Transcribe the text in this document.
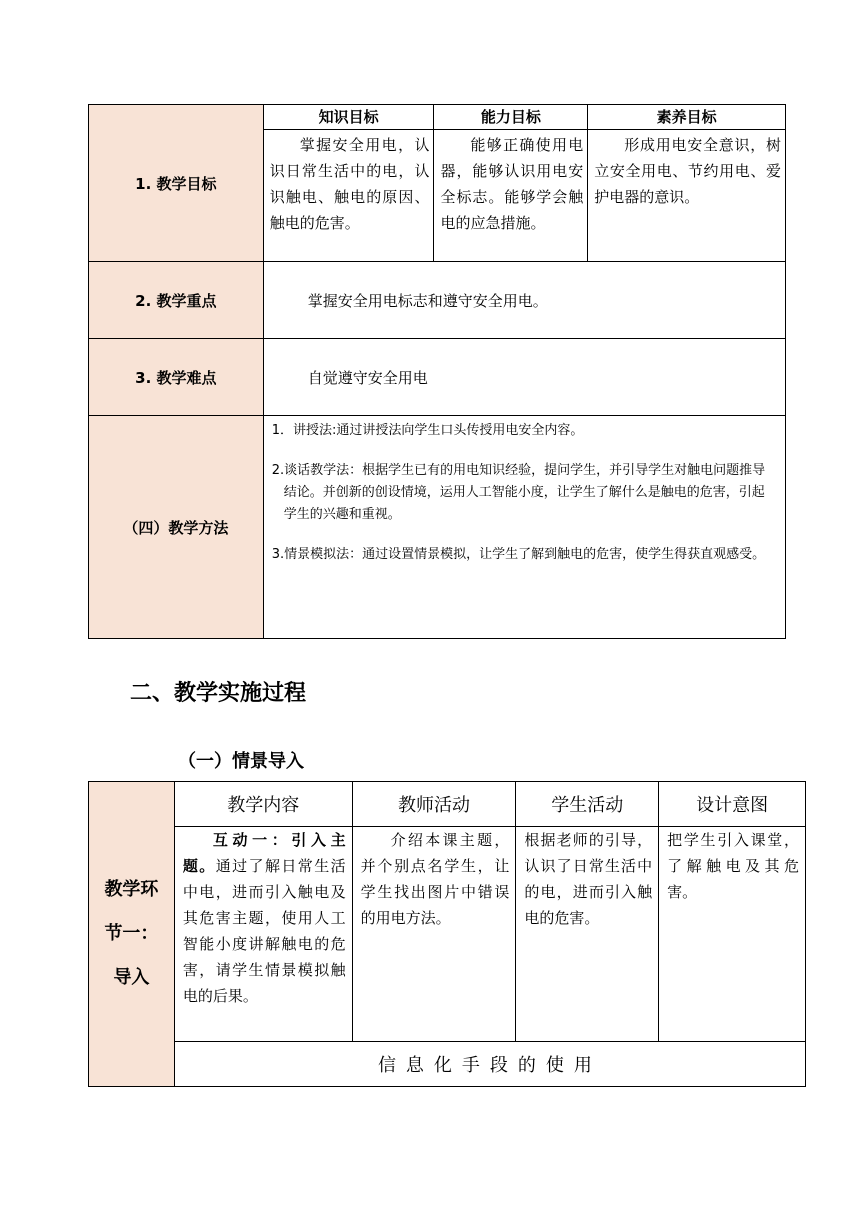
1. 教学目标	知识目标	能力目标	素养目标
	掌握安全用电，认识日常生活中的电，认识触电、触电的原因、触电的危害。	能够正确使用电器，能够认识用电安全标志。能够学会触电的应急措施。	形成用电安全意识，树立安全用电、节约用电、爱护电器的意识。
2. 教学重点	掌握安全用电标志和遵守安全用电。		
3. 教学难点	自觉遵守安全用电		
（四）教学方法	1．讲授法:通过讲授法向学生口头传授用电安全内容。

2.谈话教学法：根据学生已有的用电知识经验，提问学生，并引导学生对触电问题推导结论。并创新的创设情境，运用人工智能小度，让学生了解什么是触电的危害，引起学生的兴趣和重视。

3.情景模拟法：通过设置情景模拟，让学生了解到触电的危害，使学生得获直观感受。		

二、教学实施过程
（一）情景导入
教学环
节一：
导入	教学内容	教师活动	学生活动	设计意图
	互动一：引入主题。通过了解日常生活中电，进而引入触电及其危害主题，使用人工智能小度讲解触电的危害，请学生情景模拟触电的后果。	介绍本课主题，并个别点名学生，让学生找出图片中错误的用电方法。	根据老师的引导，认识了日常生活中的电，进而引入触电的危害。	把学生引入课堂，了解触电及其危害。
	信息化手段的使用			
